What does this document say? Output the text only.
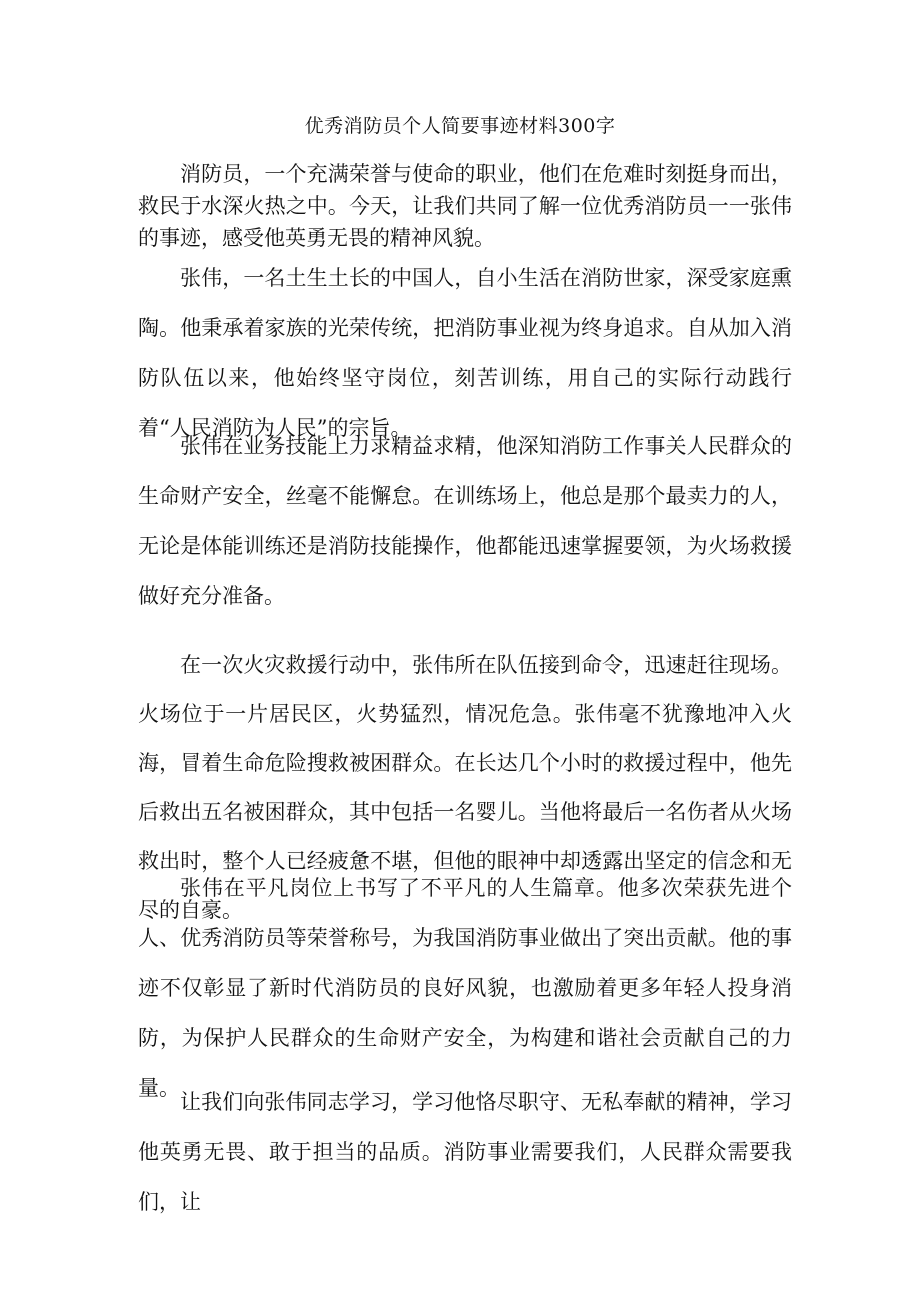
优秀消防员个人简要事迹材料300字

消防员，一个充满荣誉与使命的职业，他们在危难时刻挺身而出，救民于水深火热之中。今天，让我们共同了解一位优秀消防员一一张伟的事迹，感受他英勇无畏的精神风貌。

张伟，一名土生土长的中国人，自小生活在消防世家，深受家庭熏陶。他秉承着家族的光荣传统，把消防事业视为终身追求。自从加入消防队伍以来，他始终坚守岗位，刻苦训练，用自己的实际行动践行着“人民消防为人民”的宗旨。

张伟在业务技能上力求精益求精，他深知消防工作事关人民群众的生命财产安全，丝毫不能懈怠。在训练场上，他总是那个最卖力的人，无论是体能训练还是消防技能操作，他都能迅速掌握要领，为火场救援做好充分准备。

在一次火灾救援行动中，张伟所在队伍接到命令，迅速赶往现场。火场位于一片居民区，火势猛烈，情况危急。张伟毫不犹豫地冲入火海，冒着生命危险搜救被困群众。在长达几个小时的救援过程中，他先后救出五名被困群众，其中包括一名婴儿。当他将最后一名伤者从火场救出时，整个人已经疲惫不堪，但他的眼神中却透露出坚定的信念和无尽的自豪。

张伟在平凡岗位上书写了不平凡的人生篇章。他多次荣获先进个人、优秀消防员等荣誉称号，为我国消防事业做出了突出贡献。他的事迹不仅彰显了新时代消防员的良好风貌，也激励着更多年轻人投身消防，为保护人民群众的生命财产安全，为构建和谐社会贡献自己的力量。

让我们向张伟同志学习，学习他恪尽职守、无私奉献的精神，学习他英勇无畏、敢于担当的品质。消防事业需要我们，人民群众需要我们，让
